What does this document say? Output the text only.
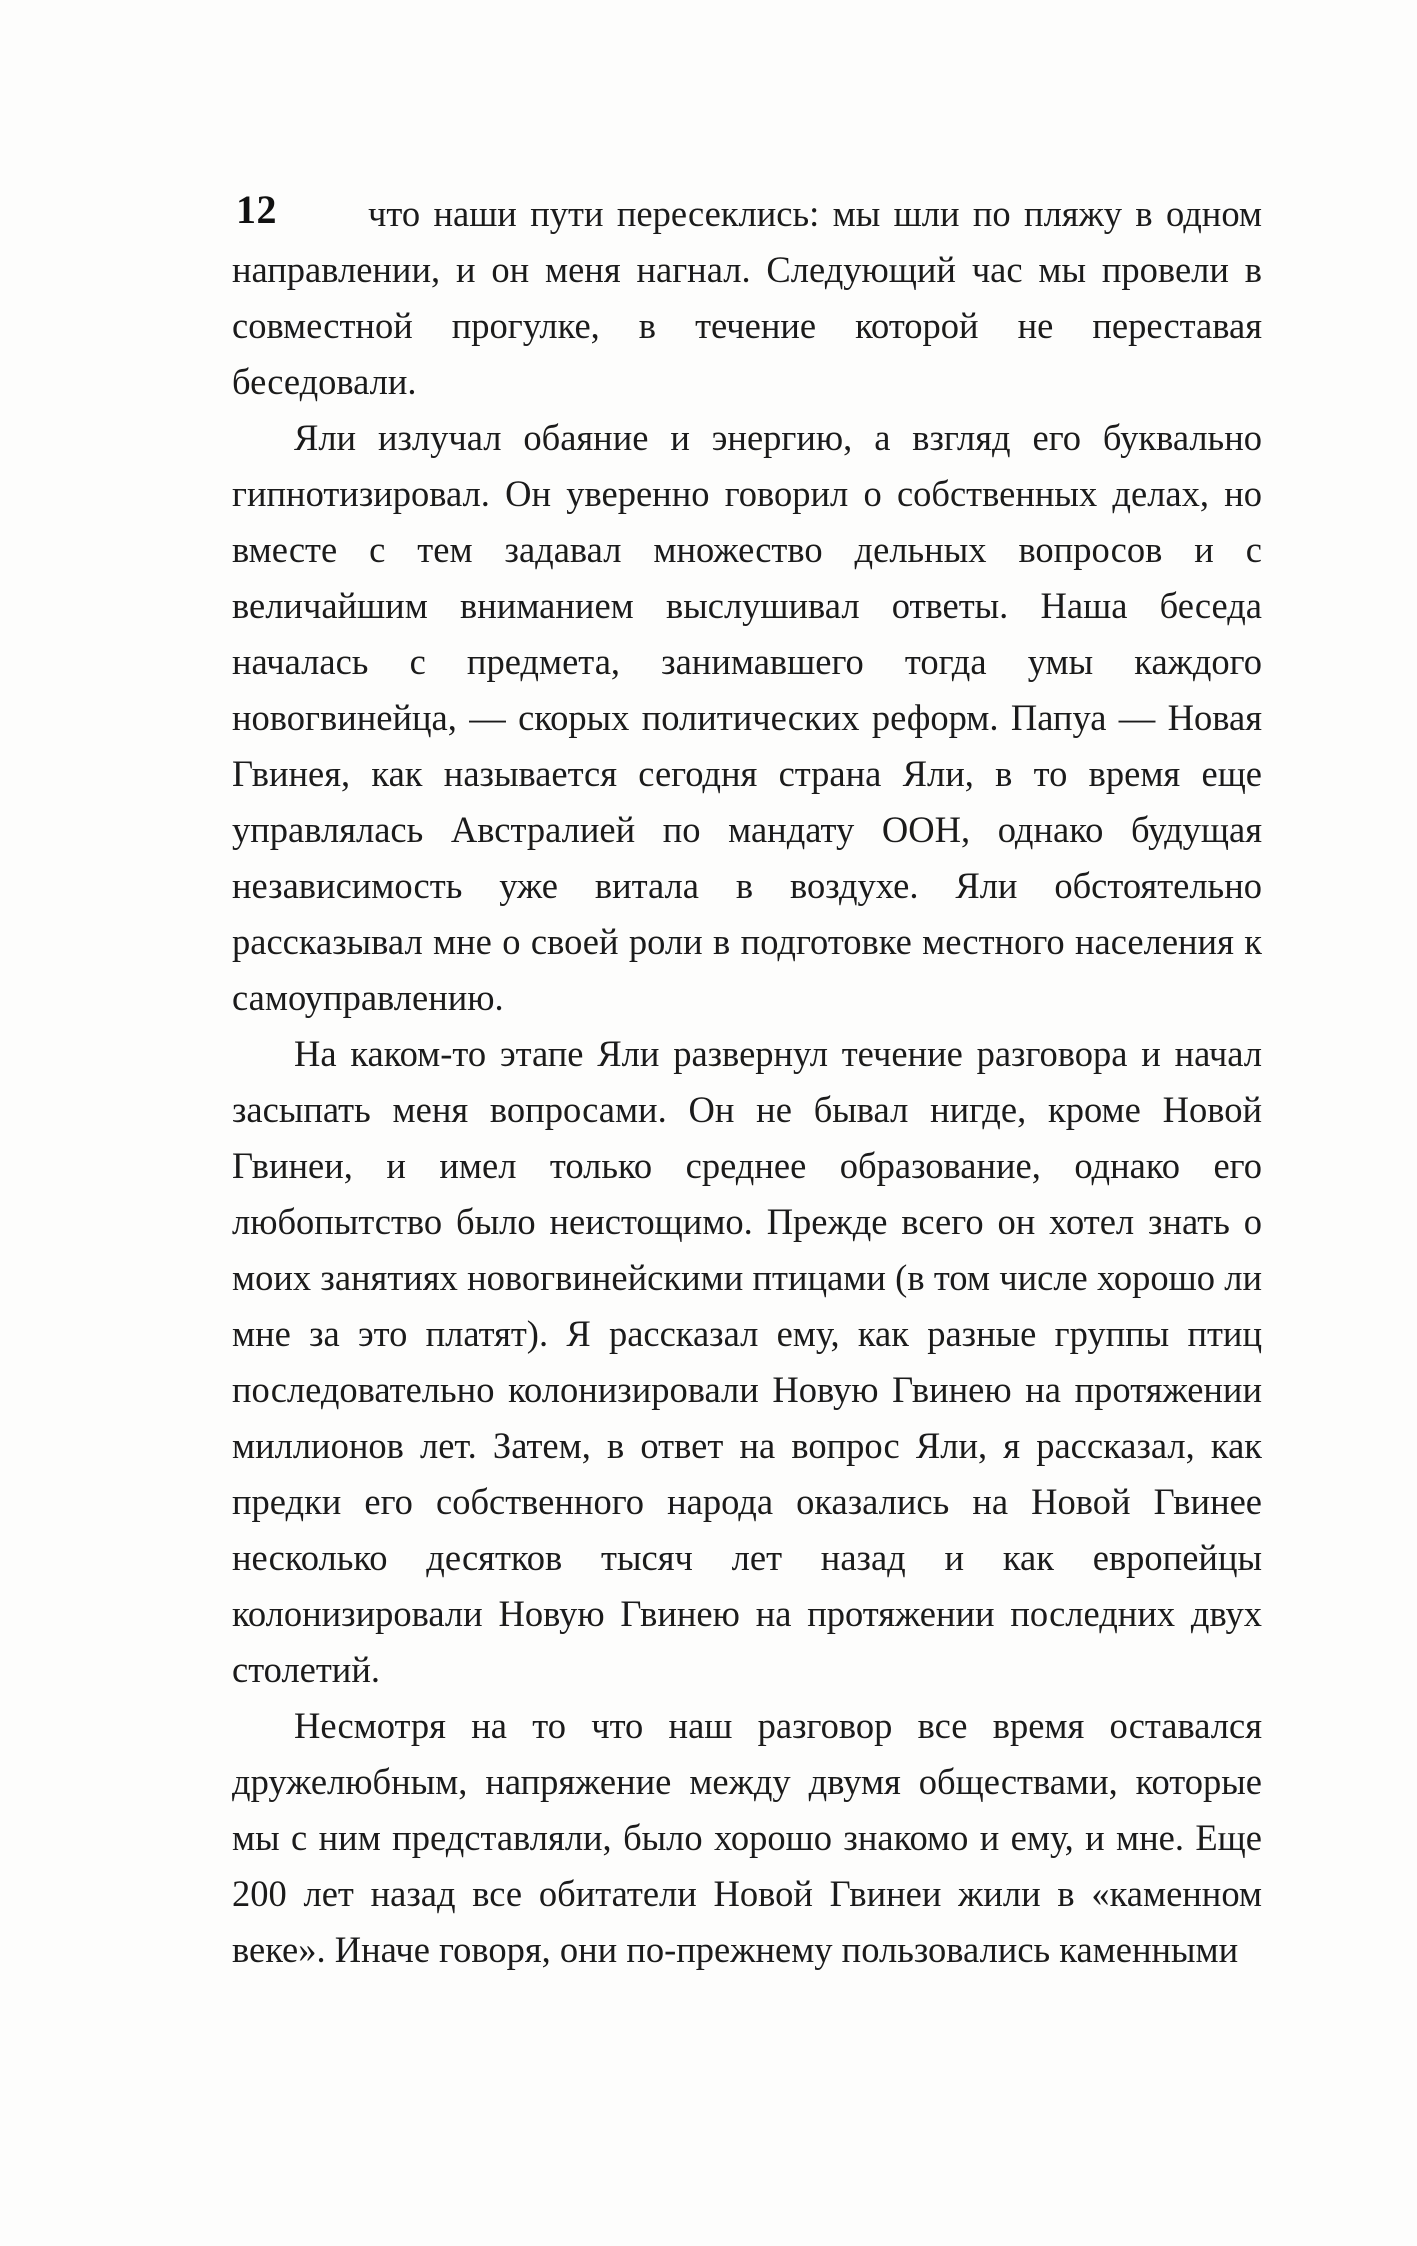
12	что наши пути пересеклись: мы шли по пляжу в одном направлении, и он меня нагнал. Следующий час мы провели в совместной прогулке, в течение которой не переставая беседовали.

Яли излучал обаяние и энергию, а взгляд его буквально гипнотизировал. Он уверенно говорил о собственных делах, но вместе с тем задавал множество дельных вопросов и с величайшим вниманием выслушивал ответы. Наша беседа началась с предмета, занимавшего тогда умы каждого новогвинейца, — скорых политических реформ. Папуа — Новая Гвинея, как называется сегодня страна Яли, в то время еще управлялась Австралией по мандату ООН, однако будущая независимость уже витала в воздухе. Яли обстоятельно рассказывал мне о своей роли в подготовке местного населения к самоуправлению.

На каком-то этапе Яли развернул течение разговора и начал засыпать меня вопросами. Он не бывал нигде, кроме Новой Гвинеи, и имел только среднее образование, однако его любопытство было неистощимо. Прежде всего он хотел знать о моих занятиях новогвинейскими птицами (в том числе хорошо ли мне за это платят). Я рассказал ему, как разные группы птиц последовательно колонизировали Новую Гвинею на протяжении миллионов лет. Затем, в ответ на вопрос Яли, я рассказал, как предки его собственного народа оказались на Новой Гвинее несколько десятков тысяч лет назад и как европейцы колонизировали Новую Гвинею на протяжении последних двух столетий.

Несмотря на то что наш разговор все время оставался дружелюбным, напряжение между двумя обществами, которые мы с ним представляли, было хорошо знакомо и ему, и мне. Еще 200 лет назад все обитатели Новой Гвинеи жили в «каменном веке». Иначе говоря, они по-прежнему пользовались каменными
